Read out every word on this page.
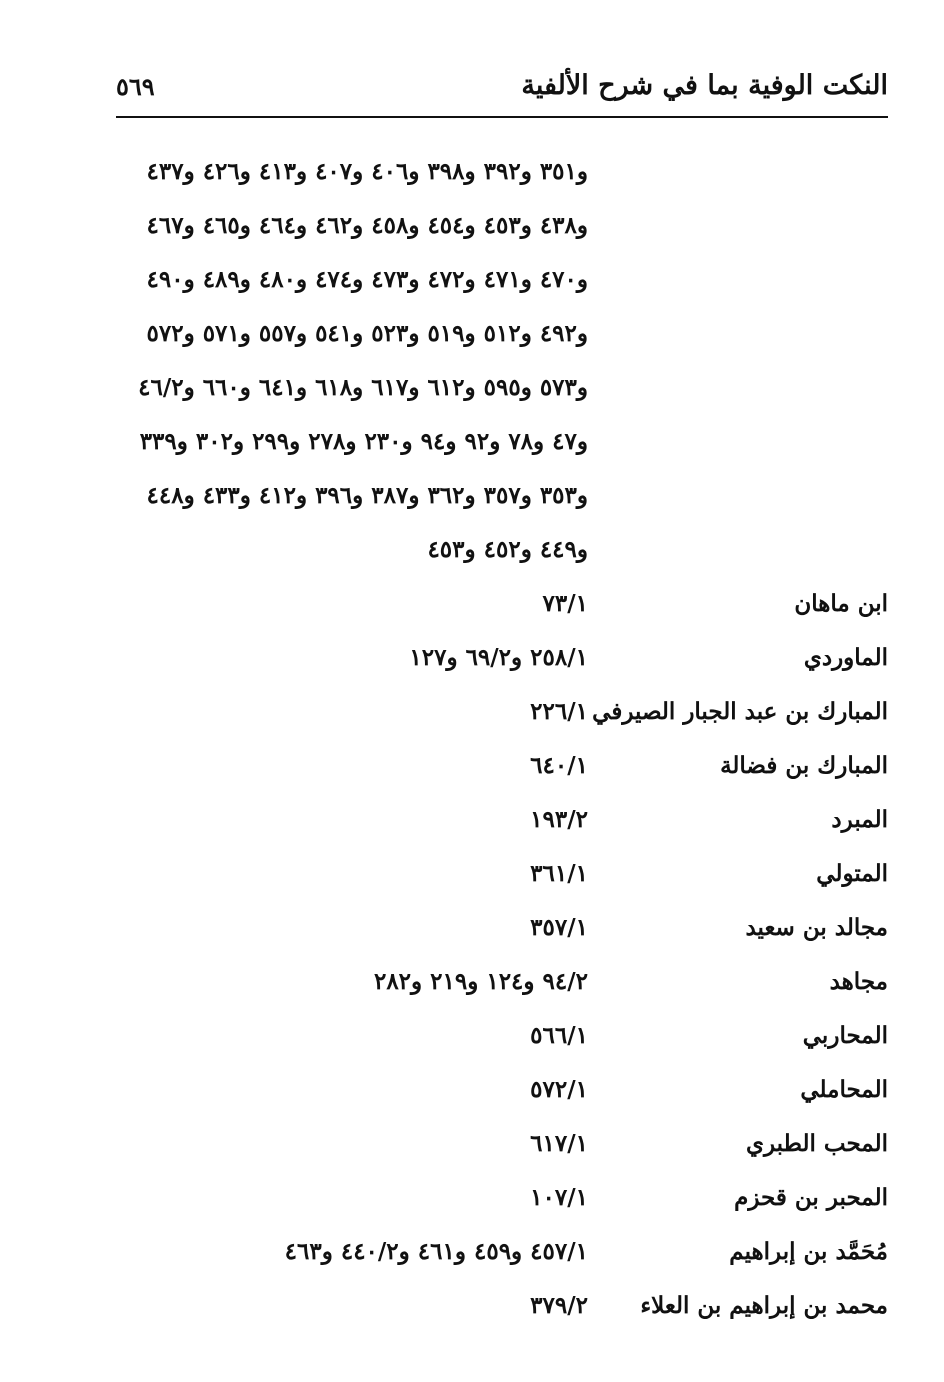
النكت الوفية بما في شرح الألفية
٥٦٩
و٣٥١ و٣٩٢ و٣٩٨ و٤٠٦ و٤٠٧ و٤١٣ و٤٢٦ و٤٣٧
و٤٣٨ و٤٥٣ و٤٥٤ و٤٥٨ و٤٦٢ و٤٦٤ و٤٦٥ و٤٦٧
و٤٧٠ و٤٧١ و٤٧٢ و٤٧٣ و٤٧٤ و٤٨٠ و٤٨٩ و٤٩٠
و٤٩٢ و٥١٢ و٥١٩ و٥٢٣ و٥٤١ و٥٥٧ و٥٧١ و٥٧٢
و٥٧٣ و٥٩٥ و٦١٢ و٦١٧ و٦١٨ و٦٤١ و٦٦٠ و٤٦/٢
و٤٧ و٧٨ و٩٢ و٩٤ و٢٣٠ و٢٧٨ و٢٩٩ و٣٠٢ و٣٣٩
و٣٥٣ و٣٥٧ و٣٦٢ و٣٨٧ و٣٩٦ و٤١٢ و٤٣٣ و٤٤٨
و٤٤٩ و٤٥٢ و٤٥٣
ابن ماهان
٧٣/١
الماوردي
٢٥٨/١ و٦٩/٢ و١٢٧
المبارك بن عبد الجبار الصيرفي
٢٢٦/١
المبارك بن فضالة
٦٤٠/١
المبرد
١٩٣/٢
المتولي
٣٦١/١
مجالد بن سعيد
٣٥٧/١
مجاهد
٩٤/٢ و١٢٤ و٢١٩ و٢٨٢
المحاربي
٥٦٦/١
المحاملي
٥٧٢/١
المحب الطبري
٦١٧/١
المحبر بن قحزم
١٠٧/١
مُحَمَّد بن إبراهيم
٤٥٧/١ و٤٥٩ و٤٦١ و٤٤٠/٢ و٤٦٣
محمد بن إبراهيم بن العلاء
٣٧٩/٢
